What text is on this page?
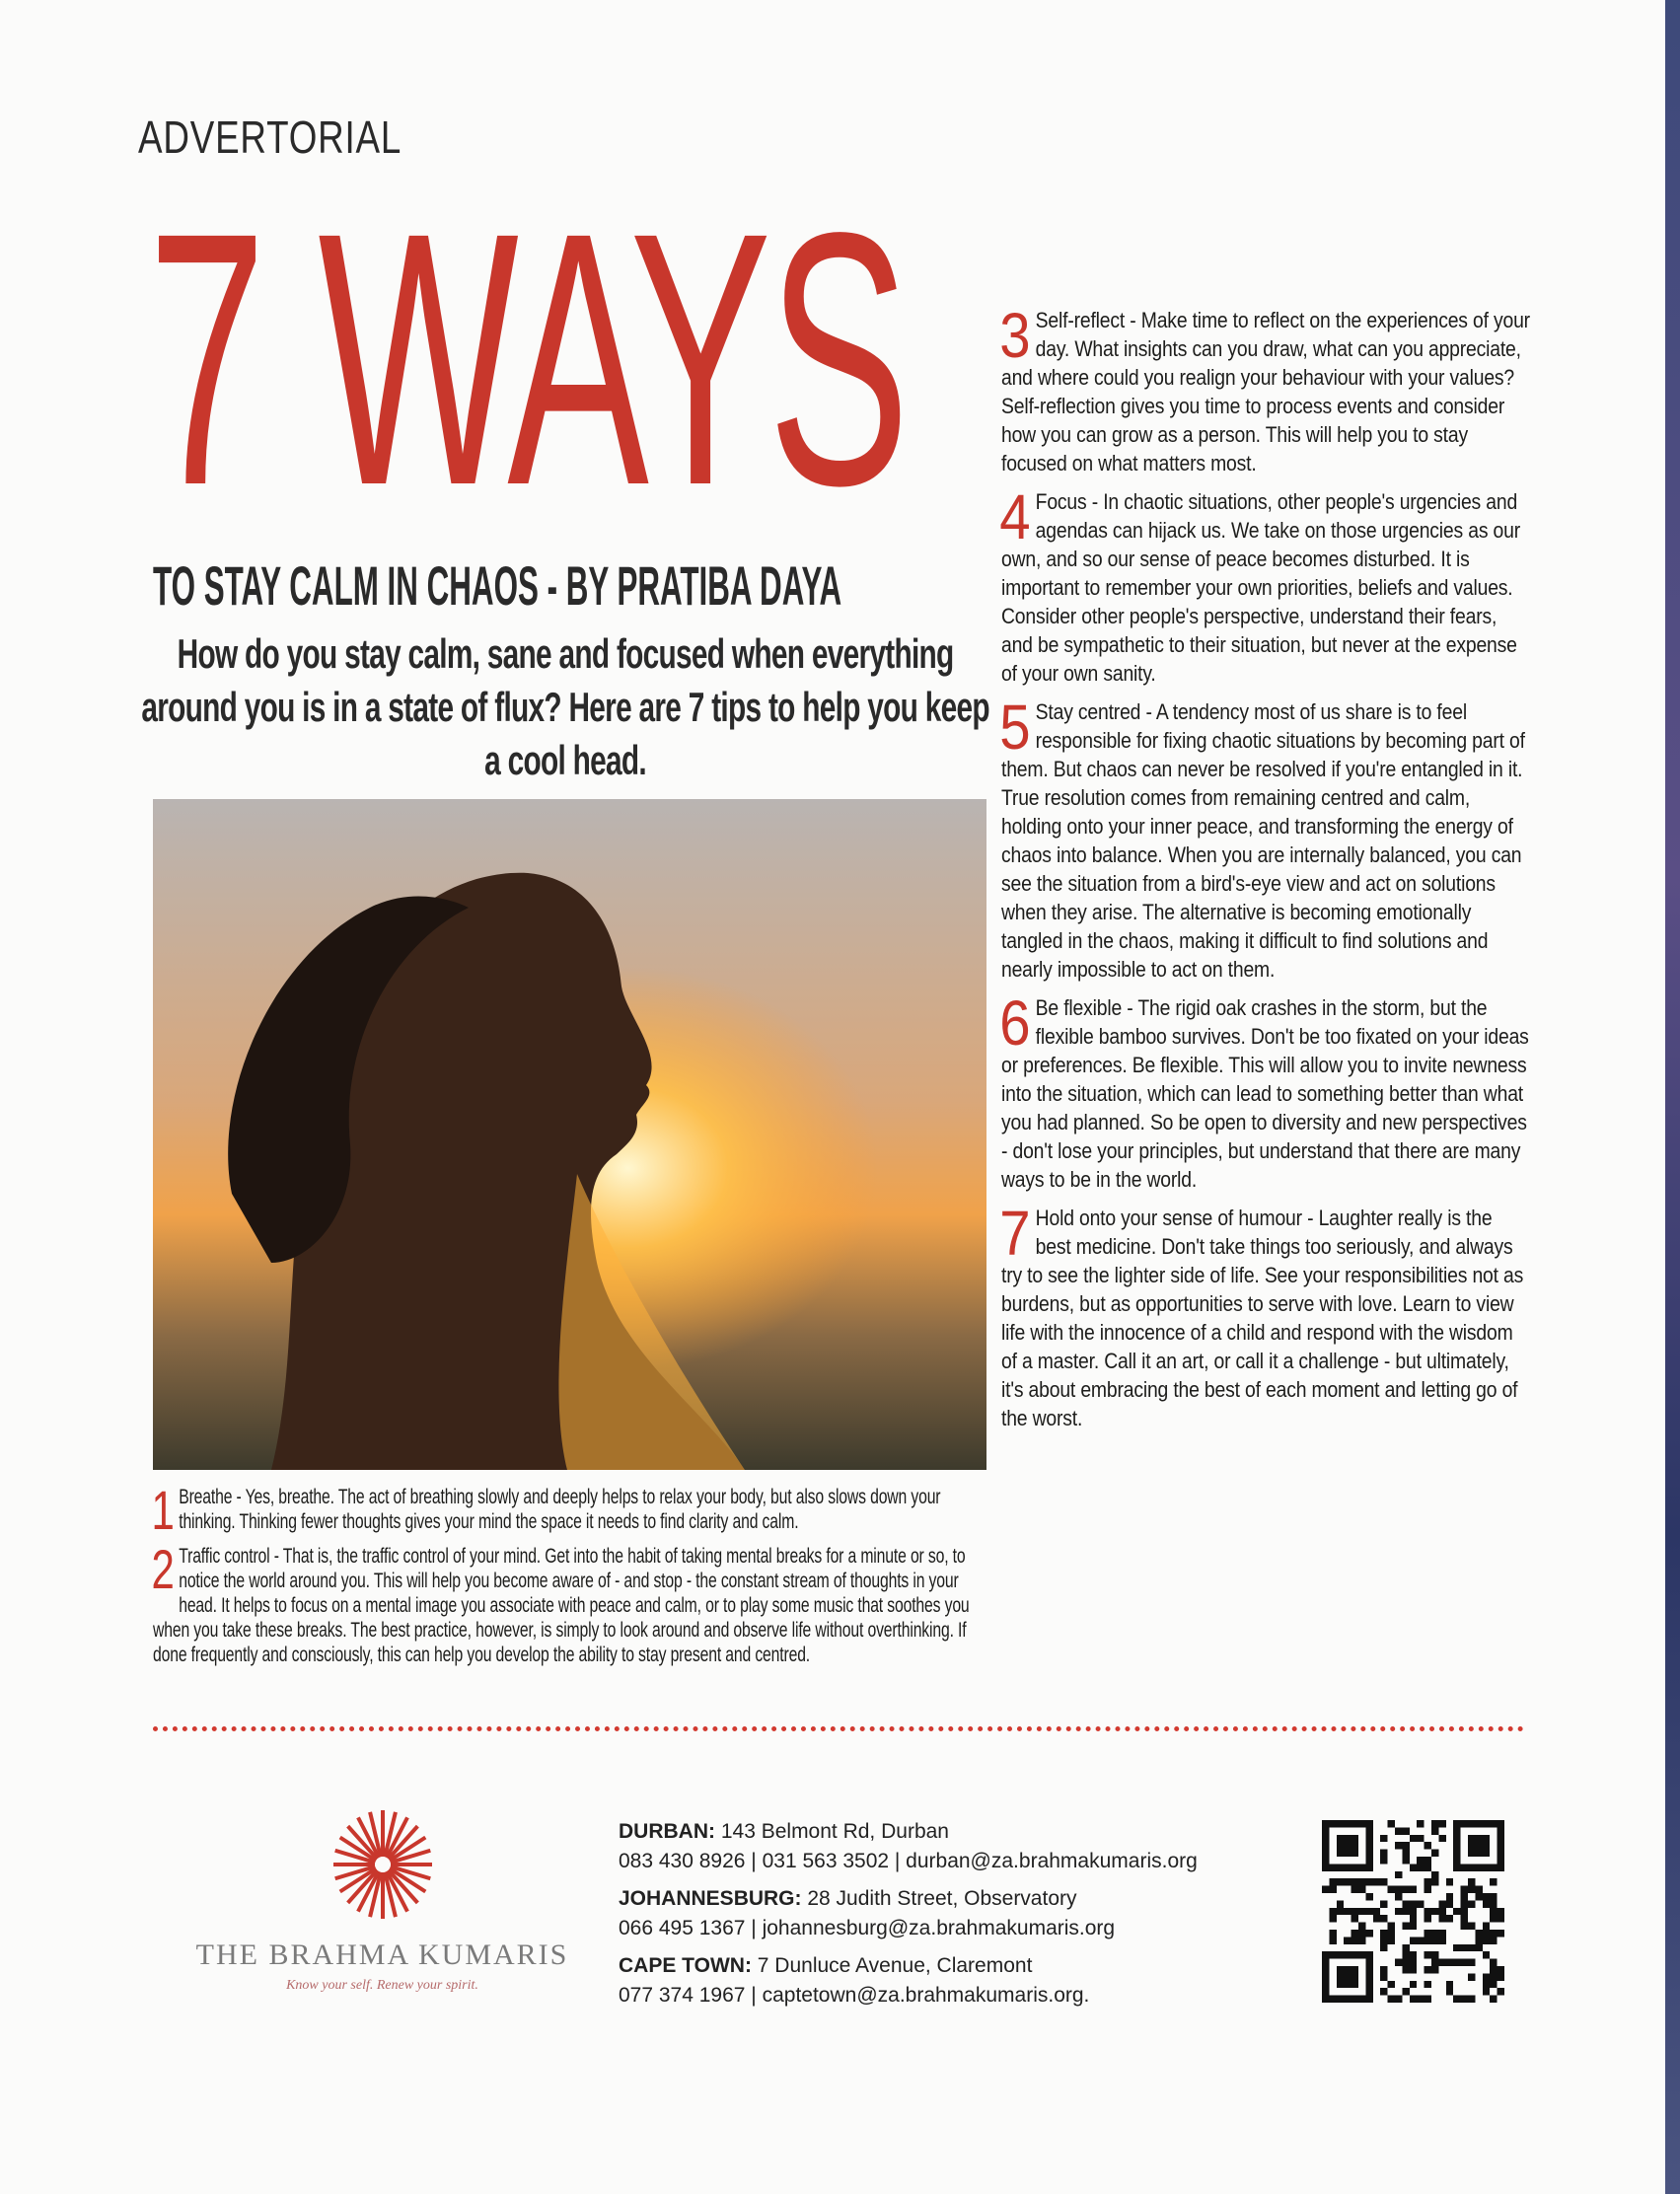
ADVERTORIAL
7 WAYS
TO STAY CALM IN CHAOS - BY PRATIBA DAYA
How do you stay calm, sane and focused when everything around you is in a state of flux? Here are 7 tips to help you keep a cool head.

1 Breathe - Yes, breathe. The act of breathing slowly and deeply helps to relax your body, but also slows down your thinking. Thinking fewer thoughts gives your mind the space it needs to find clarity and calm.

2 Traffic control - That is, the traffic control of your mind. Get into the habit of taking mental breaks for a minute or so, to notice the world around you. This will help you become aware of - and stop - the constant stream of thoughts in your head. It helps to focus on a mental image you associate with peace and calm, or to play some music that soothes you when you take these breaks. The best practice, however, is simply to look around and observe life without overthinking. If done frequently and consciously, this can help you develop the ability to stay present and centred.

3 Self-reflect - Make time to reflect on the experiences of your day. What insights can you draw, what can you appreciate, and where could you realign your behaviour with your values? Self-reflection gives you time to process events and consider how you can grow as a person. This will help you to stay focused on what matters most.

4 Focus - In chaotic situations, other people's urgencies and agendas can hijack us. We take on those urgencies as our own, and so our sense of peace becomes disturbed. It is important to remember your own priorities, beliefs and values. Consider other people's perspective, understand their fears, and be sympathetic to their situation, but never at the expense of your own sanity.

5 Stay centred - A tendency most of us share is to feel responsible for fixing chaotic situations by becoming part of them. But chaos can never be resolved if you're entangled in it. True resolution comes from remaining centred and calm, holding onto your inner peace, and transforming the energy of chaos into balance. When you are internally balanced, you can see the situation from a bird's-eye view and act on solutions when they arise. The alternative is becoming emotionally tangled in the chaos, making it difficult to find solutions and nearly impossible to act on them.

6 Be flexible - The rigid oak crashes in the storm, but the flexible bamboo survives. Don't be too fixated on your ideas or preferences. Be flexible. This will allow you to invite newness into the situation, which can lead to something better than what you had planned. So be open to diversity and new perspectives - don't lose your principles, but understand that there are many ways to be in the world.

7 Hold onto your sense of humour - Laughter really is the best medicine. Don't take things too seriously, and always try to see the lighter side of life. See your responsibilities not as burdens, but as opportunities to serve with love. Learn to view life with the innocence of a child and respond with the wisdom of a master. Call it an art, or call it a challenge - but ultimately, it's about embracing the best of each moment and letting go of the worst.

THE BRAHMA KUMARIS
Know your self. Renew your spirit.
DURBAN: 143 Belmont Rd, Durban
083 430 8926 | 031 563 3502 | durban@za.brahmakumaris.org
JOHANNESBURG: 28 Judith Street, Observatory
066 495 1367 | johannesburg@za.brahmakumaris.org
CAPE TOWN: 7 Dunluce Avenue, Claremont
077 374 1967 | captetown@za.brahmakumaris.org.
